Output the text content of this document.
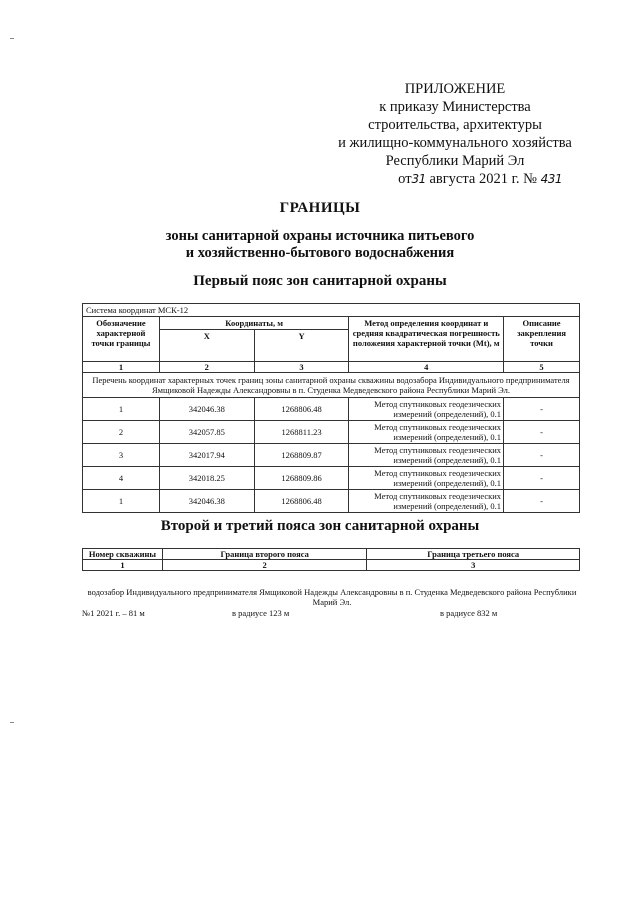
ПРИЛОЖЕНИЕ
к приказу Министерства
строительства, архитектуры
и жилищно-коммунального хозяйства
Республики Марий Эл
от31 августа 2021 г. № 431
ГРАНИЦЫ
зоны санитарной охраны источника питьевого
и хозяйственно-бытового водоснабжения
Первый пояс зон санитарной охраны
Система координат МСК-12				
Обозначение характерной точки границы	Координаты, м		Метод определения координат и средняя квадратическая погрешность положения характерной точки (Mt), м	Описание закрепления точки
	X	Y		
1	2	3	4	5
Перечень координат характерных точек границ зоны санитарной охраны скважины водозабора Индивидуального предпринимателя Ямщиковой Надежды Александровны в п. Студенка Медведевского района Республики Марий Эл.				
1	342046.38	1268806.48	Метод спутниковых геодезических измерений (определений), 0.1	-
2	342057.85	1268811.23	Метод спутниковых геодезических измерений (определений), 0.1	-
3	342017.94	1268809.87	Метод спутниковых геодезических измерений (определений), 0.1	-
4	342018.25	1268809.86	Метод спутниковых геодезических измерений (определений), 0.1	-
1	342046.38	1268806.48	Метод спутниковых геодезических измерений (определений), 0.1	-
Второй и третий пояса зон санитарной охраны
Номер скважины	Граница второго пояса	Граница третьего пояса
1	2	3
водозабор Индивидуального предпринимателя Ямщиковой Надежды Александровны в п. Студенка Медведевского района Республики Марий Эл.
№1 2021 г. – 81 м	в радиусе 123 м	в радиусе 832 м
